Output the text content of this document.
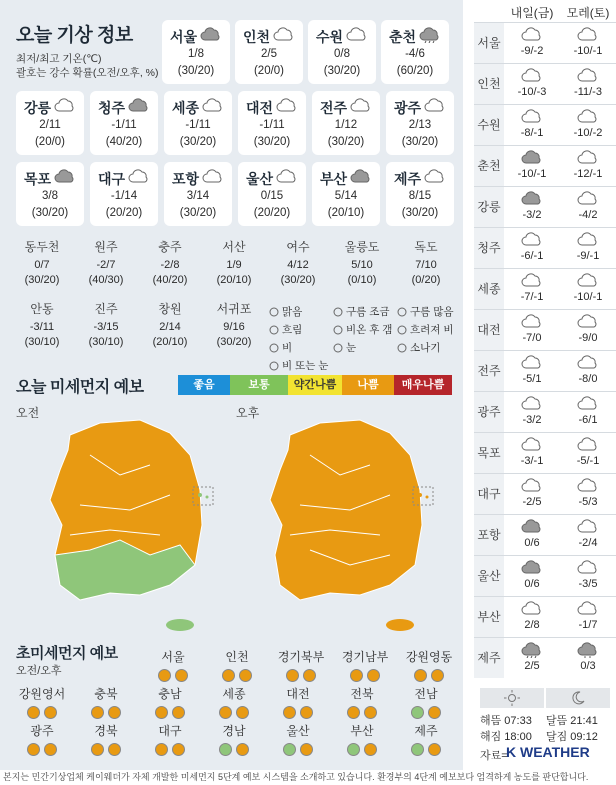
오늘 기상 정보
최저/최고 기온(℃)
괄호는 강수 확률(오전/오후, %)
서울
1/8
(30/20)
인천
2/5
(20/0)
수원
0/8
(30/20)
춘천
-4/6
(60/20)
강릉
2/11
(20/0)
청주
-1/11
(40/20)
세종
-1/11
(30/20)
대전
-1/11
(30/20)
전주
1/12
(30/20)
광주
2/13
(30/20)
목포
3/8
(30/20)
대구
-1/14
(20/20)
포항
3/14
(30/20)
울산
0/15
(20/20)
부산
5/14
(20/10)
제주
8/15
(30/20)
동두천
0/7
(30/20)
원주
-2/7
(40/30)
충주
-2/8
(40/20)
서산
1/9
(20/10)
여수
4/12
(30/20)
울릉도
5/10
(0/10)
독도
7/10
(0/20)
안동
-3/11
(30/10)
진주
-3/15
(30/10)
창원
2/14
(20/10)
서귀포
9/16
(30/20)
맑음	구름 조금 구름 많음
흐림	비온 후 갬 흐려져 비
비	눈	소나기
비 또는 눈
오늘 미세먼지 예보	좋음	보통	약간나쁨	나쁨	매우나쁨
오전	오후
초미세먼지 예보
오전/오후
서울	인천	경기북부	경기남부	강원영동
강원영서	충북	충남	세종	대전	전북	전남
광주	경북	대구	경남	울산	부산	제주
내일(금)	모레(토)
서울
-9/-2	-10/-1
인천
-10/-3	-11/-3
수원
-8/-1	-10/-2
춘천
-10/-1	-12/-1
강릉
-3/2	-4/2
청주
-6/-1	-9/-1
세종
-7/-1	-10/-1
대전
-7/0	-9/0
전주
-5/1	-8/0
광주
-3/2	-6/1
목포
-3/-1	-5/-1
대구
-2/5	-5/3
포항
0/6	-2/4
울산
0/6	-3/5
부산
2/8	-1/7
제주
2/5	0/3
해뜸 07:33
해짐 18:00
달뜸 21:41
달짐 09:12
자료=
K WEATHER
본지는 민간기상업체 케이웨더가 자체 개발한 미세먼지 5단계 예보 시스템을 소개하고 있습니다. 환경부의 4단계 예보보다 엄격하게 농도를 판단합니다.
